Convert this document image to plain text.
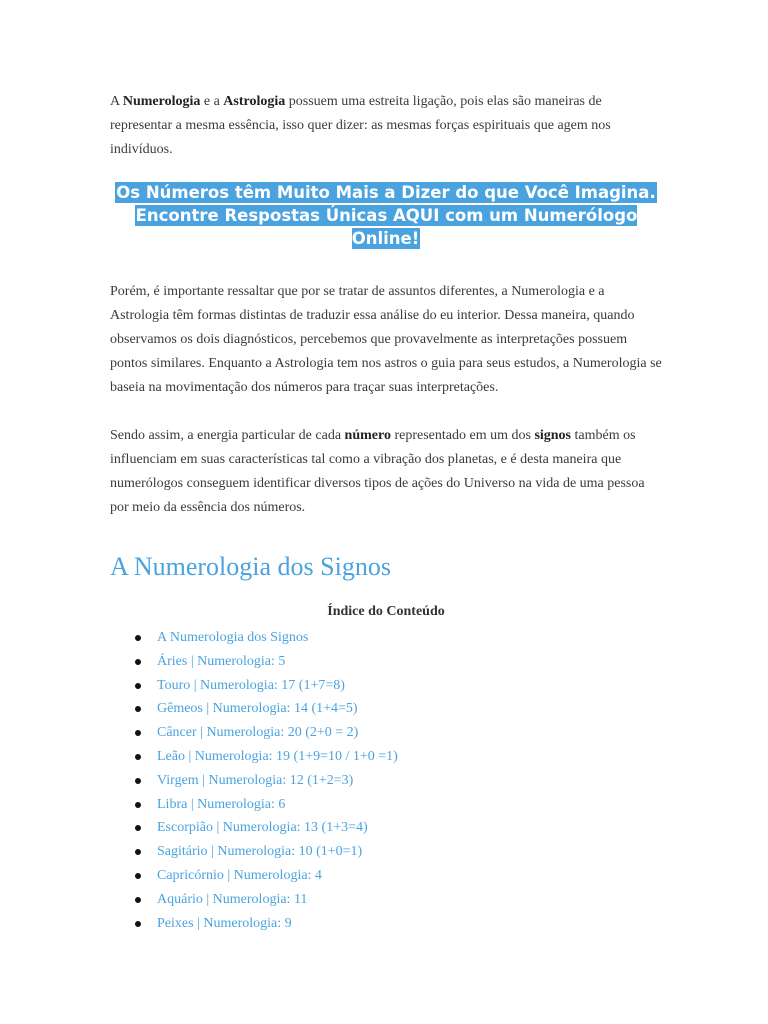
A Numerologia e a Astrologia possuem uma estreita ligação, pois elas são maneiras de representar a mesma essência, isso quer dizer: as mesmas forças espirituais que agem nos indivíduos.

Os Números têm Muito Mais a Dizer do que Você Imagina.
Encontre Respostas Únicas AQUI com um Numerólogo Online!

Porém, é importante ressaltar que por se tratar de assuntos diferentes, a Numerologia e a Astrologia têm formas distintas de traduzir essa análise do eu interior. Dessa maneira, quando observamos os dois diagnósticos, percebemos que provavelmente as interpretações possuem pontos similares. Enquanto a Astrologia tem nos astros o guia para seus estudos, a Numerologia se baseia na movimentação dos números para traçar suas interpretações.

Sendo assim, a energia particular de cada número representado em um dos signos também os influenciam em suas características tal como a vibração dos planetas, e é desta maneira que numerólogos conseguem identificar diversos tipos de ações do Universo na vida de uma pessoa por meio da essência dos números.

A Numerologia dos Signos
Índice do Conteúdo
A Numerologia dos Signos
Áries | Numerologia: 5
Touro | Numerologia: 17 (1+7=8)
Gêmeos | Numerologia: 14 (1+4=5)
Câncer | Numerologia: 20 (2+0 = 2)
Leão | Numerologia: 19 (1+9=10 / 1+0 =1)
Virgem | Numerologia: 12 (1+2=3)
Libra | Numerologia: 6
Escorpião | Numerologia: 13 (1+3=4)
Sagitário | Numerologia: 10 (1+0=1)
Capricórnio | Numerologia: 4
Aquário | Numerologia: 11
Peixes | Numerologia: 9
